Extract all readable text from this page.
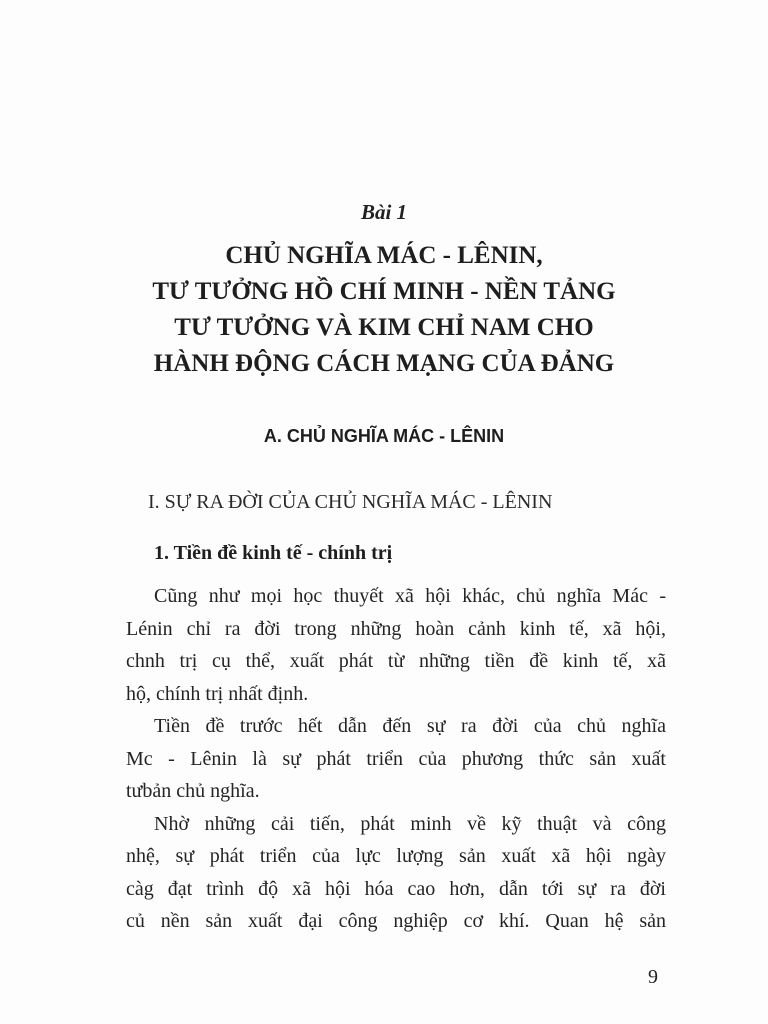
Bài 1
CHỦ NGHĨA MÁC - LÊNIN,
TƯ TƯỞNG HỒ CHÍ MINH - NỀN TẢNG
TƯ TƯỞNG VÀ KIM CHỈ NAM CHO
HÀNH ĐỘNG CÁCH MẠNG CỦA ĐẢNG
A. CHỦ NGHĨA MÁC - LÊNIN
I. SỰ RA ĐỜI CỦA CHỦ NGHĨA MÁC - LÊNIN
1. Tiền đề kinh tế - chính trị
Cũng như mọi học thuyết xã hội khác, chủ nghĩa Mác -
Lénin chỉ ra đời trong những hoàn cảnh kinh tế, xã hội,
chnh trị cụ thể, xuất phát từ những tiền đề kinh tế, xã
hộ, chính trị nhất định.
Tiền đề trước hết dẫn đến sự ra đời của chủ nghĩa
Mc - Lênin là sự phát triển của phương thức sản xuất
tưbản chủ nghĩa.
Nhờ những cải tiến, phát minh về kỹ thuật và công
nhệ, sự phát triển của lực lượng sản xuất xã hội ngày
càg đạt trình độ xã hội hóa cao hơn, dẫn tới sự ra đời
củ nền sản xuất đại công nghiệp cơ khí. Quan hệ sản
9
